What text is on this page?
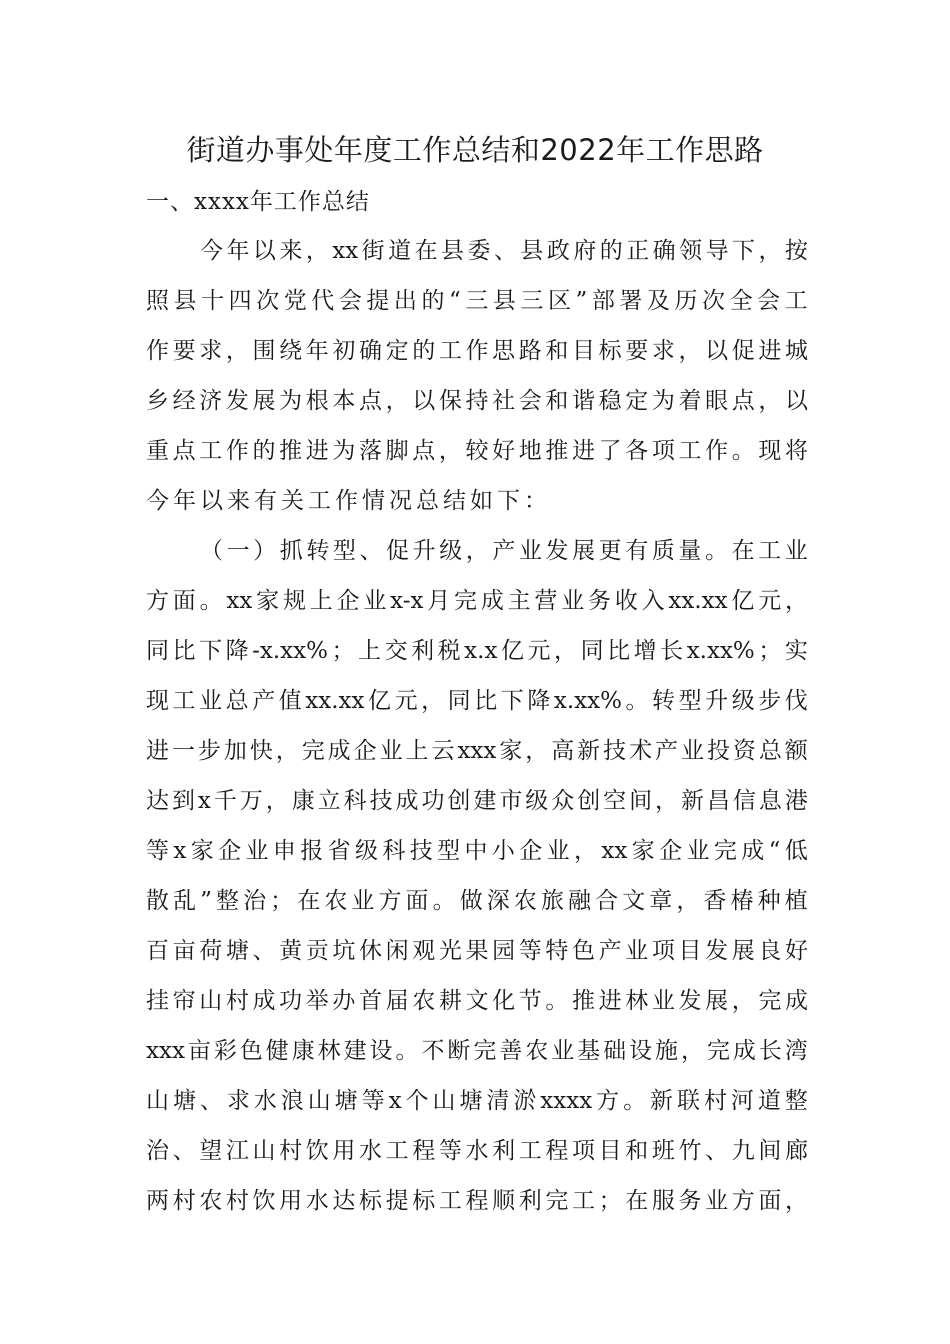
街道办事处年度工作总结和2022年工作思路
一、xxxx年工作总结
今 年 以 来 ， xx 街 道 在 县 委 、 县 政 府 的 正 确 领 导 下 ， 按
照 县 十 四 次 党 代 会 提 出 的 “ 三 县 三 区 ” 部 署 及 历 次 全 会 工
作 要 求 ， 围 绕 年 初 确 定 的 工 作 思 路 和 目 标 要 求 ， 以 促 进 城
乡 经 济 发 展 为 根 本 点 ， 以 保 持 社 会 和 谐 稳 定 为 着 眼 点 ， 以
重 点 工 作 的 推 进 为 落 脚 点 ， 较 好 地 推 进 了 各 项 工 作 。 现 将
今年以来有关工作情况总结如下：
（ 一 ） 抓 转 型 、 促 升 级 ， 产 业 发 展 更 有 质 量 。 在 工 业
方 面 。 xx 家 规 上 企 业 x-x 月 完 成 主 营 业 务 收 入 xx.xx 亿 元 ，
同 比 下 降 -x.xx% ； 上 交 利 税 x.x 亿 元 ， 同 比 增 长 x.xx% ； 实
现 工 业 总 产 值 xx.xx 亿 元 ， 同 比 下 降 x.xx% 。 转 型 升 级 步 伐
进 一 步 加 快 ， 完 成 企 业 上 云 xxx 家 ， 高 新 技 术 产 业 投 资 总 额
达 到 x 千 万 ， 康 立 科 技 成 功 创 建 市 级 众 创 空 间 ， 新 昌 信 息 港
等 x 家 企 业 申 报 省 级 科 技 型 中 小 企 业 ， xx 家 企 业 完 成 “ 低
散 乱 ” 整 治 ； 在 农 业 方 面 。 做 深 农 旅 融 合 文 章 ， 香 椿 种 植
百 亩 荷 塘 、 黄 贡 坑 休 闲 观 光 果 园 等 特 色 产 业 项 目 发 展 良 好
挂 帘 山 村 成 功 举 办 首 届 农 耕 文 化 节 。 推 进 林 业 发 展 ， 完 成
xxx 亩 彩 色 健 康 林 建 设 。 不 断 完 善 农 业 基 础 设 施 ， 完 成 长 湾
山 塘 、 求 水 浪 山 塘 等 x 个 山 塘 清 淤 xxxx 方 。 新 联 村 河 道 整
治 、 望 江 山 村 饮 用 水 工 程 等 水 利 工 程 项 目 和 班 竹 、 九 间 廊
两 村 农 村 饮 用 水 达 标 提 标 工 程 顺 利 完 工 ； 在 服 务 业 方 面 ，
